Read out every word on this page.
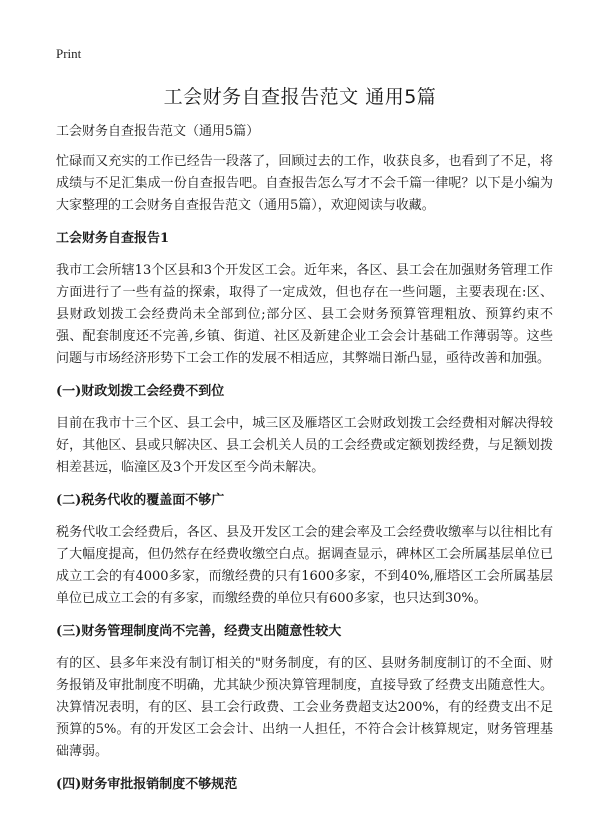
Print
工会财务自查报告范文 通用5篇

工会财务自查报告范文（通用5篇）

忙碌而又充实的工作已经告一段落了，回顾过去的工作，收获良多，也看到了不足，将成绩与不足汇集成一份自查报告吧。自查报告怎么写才不会千篇一律呢？以下是小编为大家整理的工会财务自查报告范文（通用5篇），欢迎阅读与收藏。

工会财务自查报告1

我市工会所辖13个区县和3个开发区工会。近年来，各区、县工会在加强财务管理工作方面进行了一些有益的探索，取得了一定成效，但也存在一些问题，主要表现在:区、县财政划拨工会经费尚未全部到位;部分区、县工会财务预算管理粗放、预算约束不强、配套制度还不完善,乡镇、街道、社区及新建企业工会会计基础工作薄弱等。这些问题与市场经济形势下工会工作的发展不相适应，其弊端日渐凸显，亟待改善和加强。

(一)财政划拨工会经费不到位

目前在我市十三个区、县工会中，城三区及雁塔区工会财政划拨工会经费相对解决得较好，其他区、县或只解决区、县工会机关人员的工会经费或定额划拨经费，与足额划拨相差甚远，临潼区及3个开发区至今尚未解决。

(二)税务代收的覆盖面不够广

税务代收工会经费后，各区、县及开发区工会的建会率及工会经费收缴率与以往相比有了大幅度提高，但仍然存在经费收缴空白点。据调查显示，碑林区工会所属基层单位已成立工会的有4000多家，而缴经费的只有1600多家，不到40%,雁塔区工会所属基层单位已成立工会的有多家，而缴经费的单位只有600多家，也只达到30%。

(三)财务管理制度尚不完善，经费支出随意性较大

有的区、县多年来没有制订相关的"财务制度，有的区、县财务制度制订的不全面、财务报销及审批制度不明确，尤其缺少预决算管理制度，直接导致了经费支出随意性大。决算情况表明，有的区、县工会行政费、工会业务费超支达200%，有的经费支出不足预算的5%。有的开发区工会会计、出纳一人担任，不符合会计核算规定，财务管理基础薄弱。

(四)财务审批报销制度不够规范
